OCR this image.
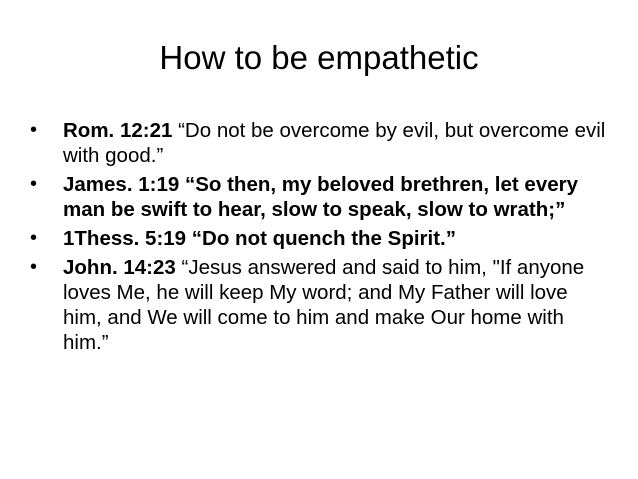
How to be empathetic
•	Rom. 12:21 “Do not be overcome by evil, but overcome evil with good.”
•	James. 1:19 “So then, my beloved brethren, let every man be swift to hear, slow to speak, slow to wrath;”
•	1Thess. 5:19 “Do not quench the Spirit.”
•	John. 14:23 “Jesus answered and said to him, "If anyone loves Me, he will keep My word; and My Father will love him, and We will come to him and make Our home with him.”
